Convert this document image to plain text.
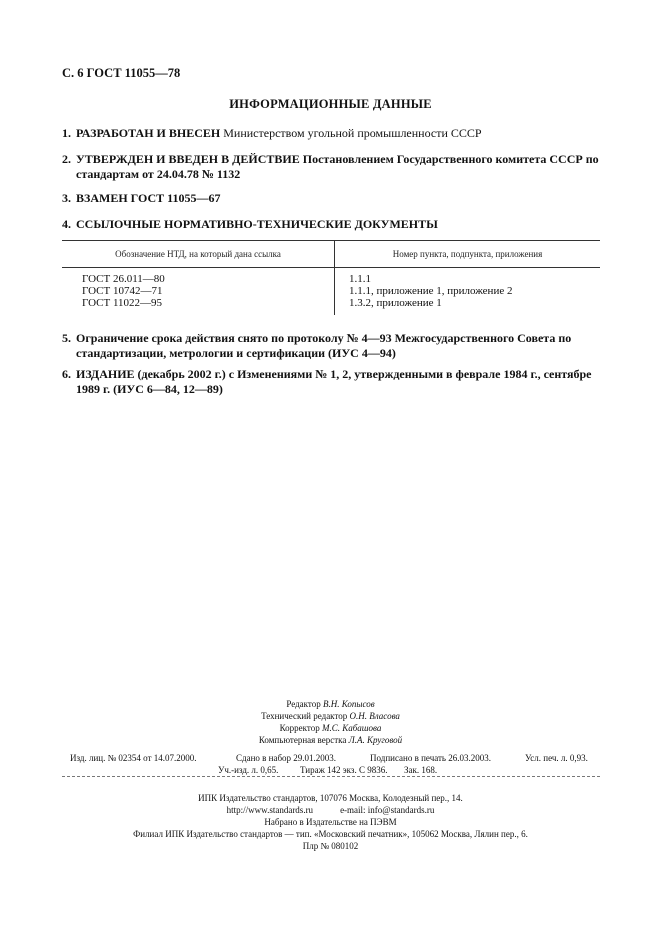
С. 6 ГОСТ 11055—78
ИНФОРМАЦИОННЫЕ ДАННЫЕ
1. РАЗРАБОТАН И ВНЕСЕН Министерством угольной промышленности СССР
2. УТВЕРЖДЕН И ВВЕДЕН В ДЕЙСТВИЕ Постановлением Государственного комитета СССР по стандартам от 24.04.78 № 1132
3. ВЗАМЕН ГОСТ 11055—67
4. ССЫЛОЧНЫЕ НОРМАТИВНО-ТЕХНИЧЕСКИЕ ДОКУМЕНТЫ
Обозначение НТД, на который дана ссылка	Номер пункта, подпункта, приложения
ГОСТ 26.011—80	1.1.1
ГОСТ 10742—71	1.1.1, приложение 1, приложение 2
ГОСТ 11022—95	1.3.2, приложение 1
5. Ограничение срока действия снято по протоколу № 4—93 Межгосударственного Совета по стандартизации, метрологии и сертификации (ИУС 4—94)
6. ИЗДАНИЕ (декабрь 2002 г.) с Изменениями № 1, 2, утвержденными в феврале 1984 г., сентябре 1989 г. (ИУС 6—84, 12—89)
Редактор В.Н. Копысов
Технический редактор О.Н. Власова
Корректор М.С. Кабашова
Компьютерная верстка Л.А. Круговой
Изд. лиц. № 02354 от 14.07.2000.	Сдано в набор 29.01.2003.	Подписано в печать 26.03.2003.	Усл. печ. л. 0,93.
Уч.-изд. л. 0,65. Тираж 142 экз. С 9836. Зак. 168.
ИПК Издательство стандартов, 107076 Москва, Колодезный пер., 14.
http://www.standards.ru	e-mail: info@standards.ru
Набрано в Издательстве на ПЭВМ
Филиал ИПК Издательство стандартов — тип. «Московский печатник», 105062 Москва, Лялин пер., 6.
Плр № 080102
